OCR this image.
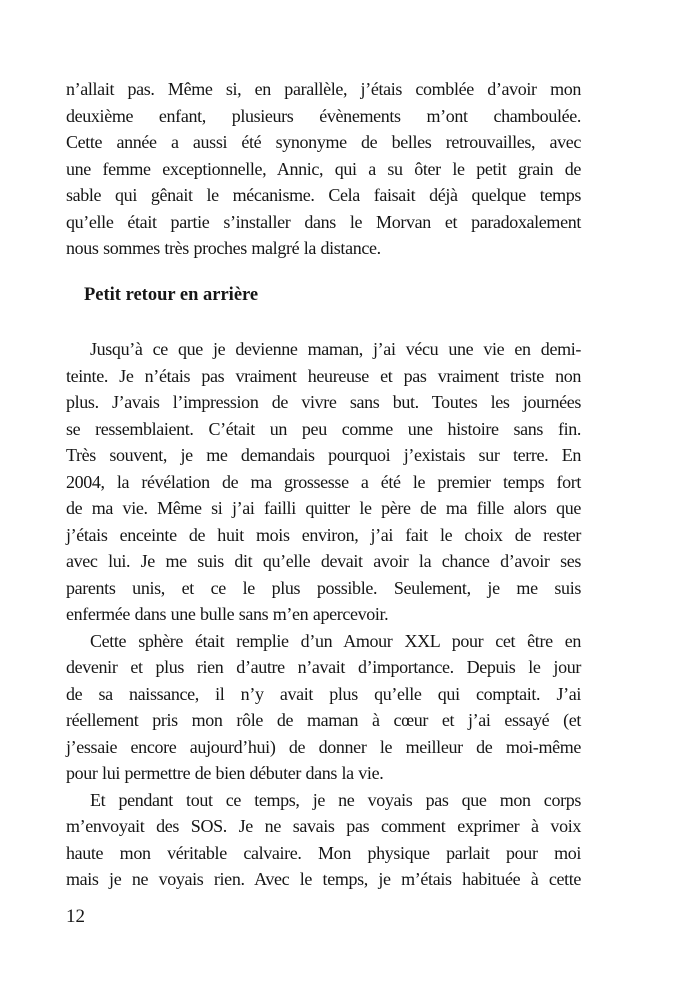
n’allait pas. Même si, en parallèle, j’étais comblée d’avoir mon
deuxième enfant, plusieurs évènements m’ont chamboulée.
Cette année a aussi été synonyme de belles retrouvailles, avec
une femme exceptionnelle, Annic, qui a su ôter le petit grain de
sable qui gênait le mécanisme. Cela faisait déjà quelque temps
qu’elle était partie s’installer dans le Morvan et paradoxalement
nous sommes très proches malgré la distance.

Petit retour en arrière

Jusqu’à ce que je devienne maman, j’ai vécu une vie en demi-
teinte. Je n’étais pas vraiment heureuse et pas vraiment triste non
plus. J’avais l’impression de vivre sans but. Toutes les journées
se ressemblaient. C’était un peu comme une histoire sans fin.
Très souvent, je me demandais pourquoi j’existais sur terre. En
2004, la révélation de ma grossesse a été le premier temps fort
de ma vie. Même si j’ai failli quitter le père de ma fille alors que
j’étais enceinte de huit mois environ, j’ai fait le choix de rester
avec lui. Je me suis dit qu’elle devait avoir la chance d’avoir ses
parents unis, et ce le plus possible. Seulement, je me suis
enfermée dans une bulle sans m’en apercevoir.

Cette sphère était remplie d’un Amour XXL pour cet être en
devenir et plus rien d’autre n’avait d’importance. Depuis le jour
de sa naissance, il n’y avait plus qu’elle qui comptait. J’ai
réellement pris mon rôle de maman à cœur et j’ai essayé (et
j’essaie encore aujourd’hui) de donner le meilleur de moi-même
pour lui permettre de bien débuter dans la vie.

Et pendant tout ce temps, je ne voyais pas que mon corps
m’envoyait des SOS. Je ne savais pas comment exprimer à voix
haute mon véritable calvaire. Mon physique parlait pour moi
mais je ne voyais rien. Avec le temps, je m’étais habituée à cette

12
